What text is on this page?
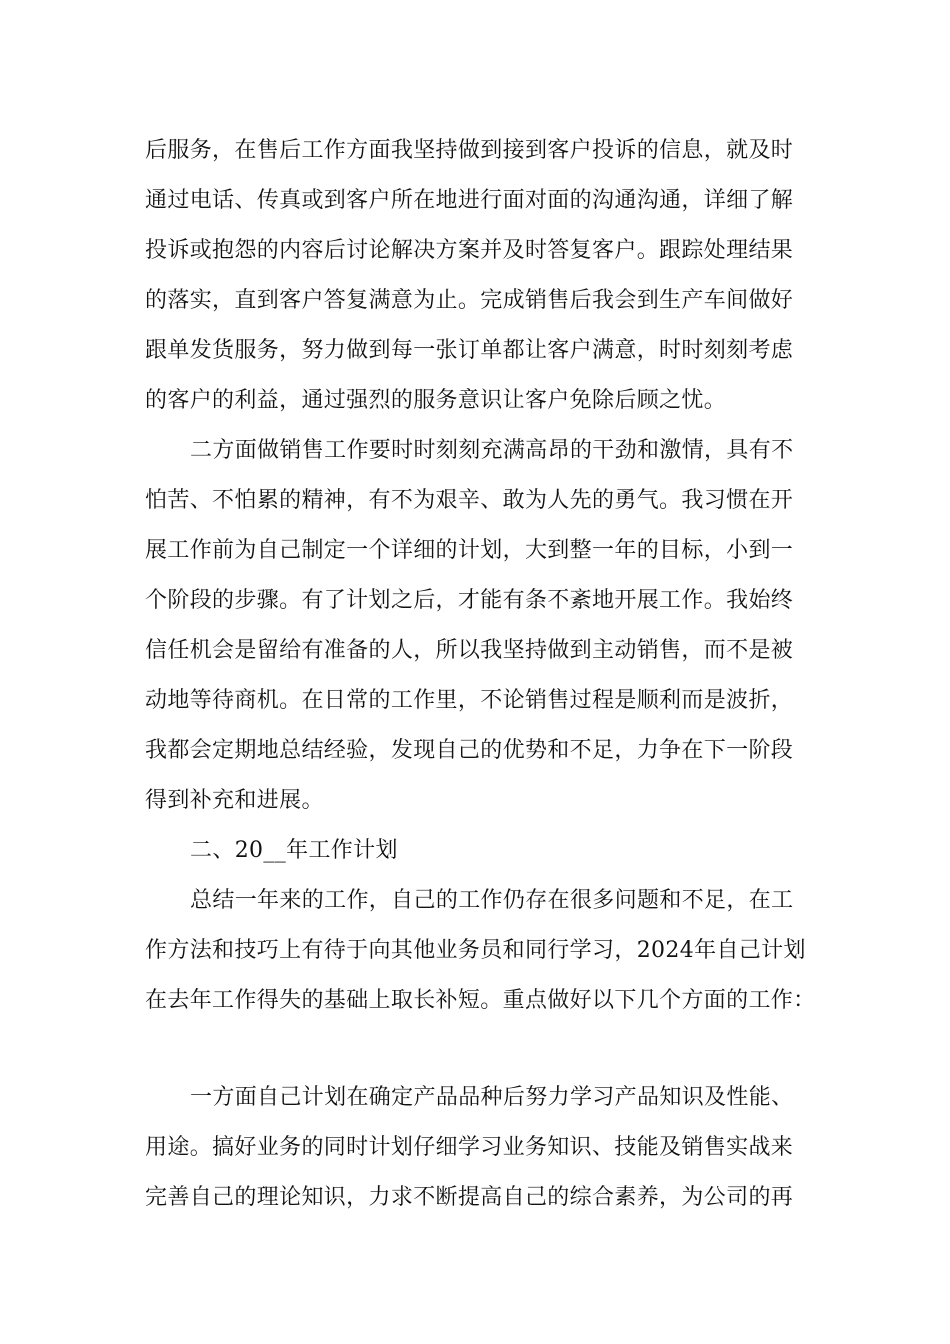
后服务，在售后工作方面我坚持做到接到客户投诉的信息，就及时
通过电话、传真或到客户所在地进行面对面的沟通沟通，详细了解
投诉或抱怨的内容后讨论解决方案并及时答复客户。跟踪处理结果
的落实，直到客户答复满意为止。完成销售后我会到生产车间做好
跟单发货服务，努力做到每一张订单都让客户满意，时时刻刻考虑
的客户的利益，通过强烈的服务意识让客户免除后顾之忧。
二方面做销售工作要时时刻刻充满高昂的干劲和激情，具有不
怕苦、不怕累的精神，有不为艰辛、敢为人先的勇气。我习惯在开
展工作前为自己制定一个详细的计划，大到整一年的目标，小到一
个阶段的步骤。有了计划之后，才能有条不紊地开展工作。我始终
信任机会是留给有准备的人，所以我坚持做到主动销售，而不是被
动地等待商机。在日常的工作里，不论销售过程是顺利而是波折，
我都会定期地总结经验，发现自己的优势和不足，力争在下一阶段
得到补充和进展。
二、20__年工作计划
总结一年来的工作，自己的工作仍存在很多问题和不足，在工
作方法和技巧上有待于向其他业务员和同行学习，2024年自己计划
在去年工作得失的基础上取长补短。重点做好以下几个方面的工作：
一方面自己计划在确定产品品种后努力学习产品知识及性能、
用途。搞好业务的同时计划仔细学习业务知识、技能及销售实战来
完善自己的理论知识，力求不断提高自己的综合素养，为公司的再
